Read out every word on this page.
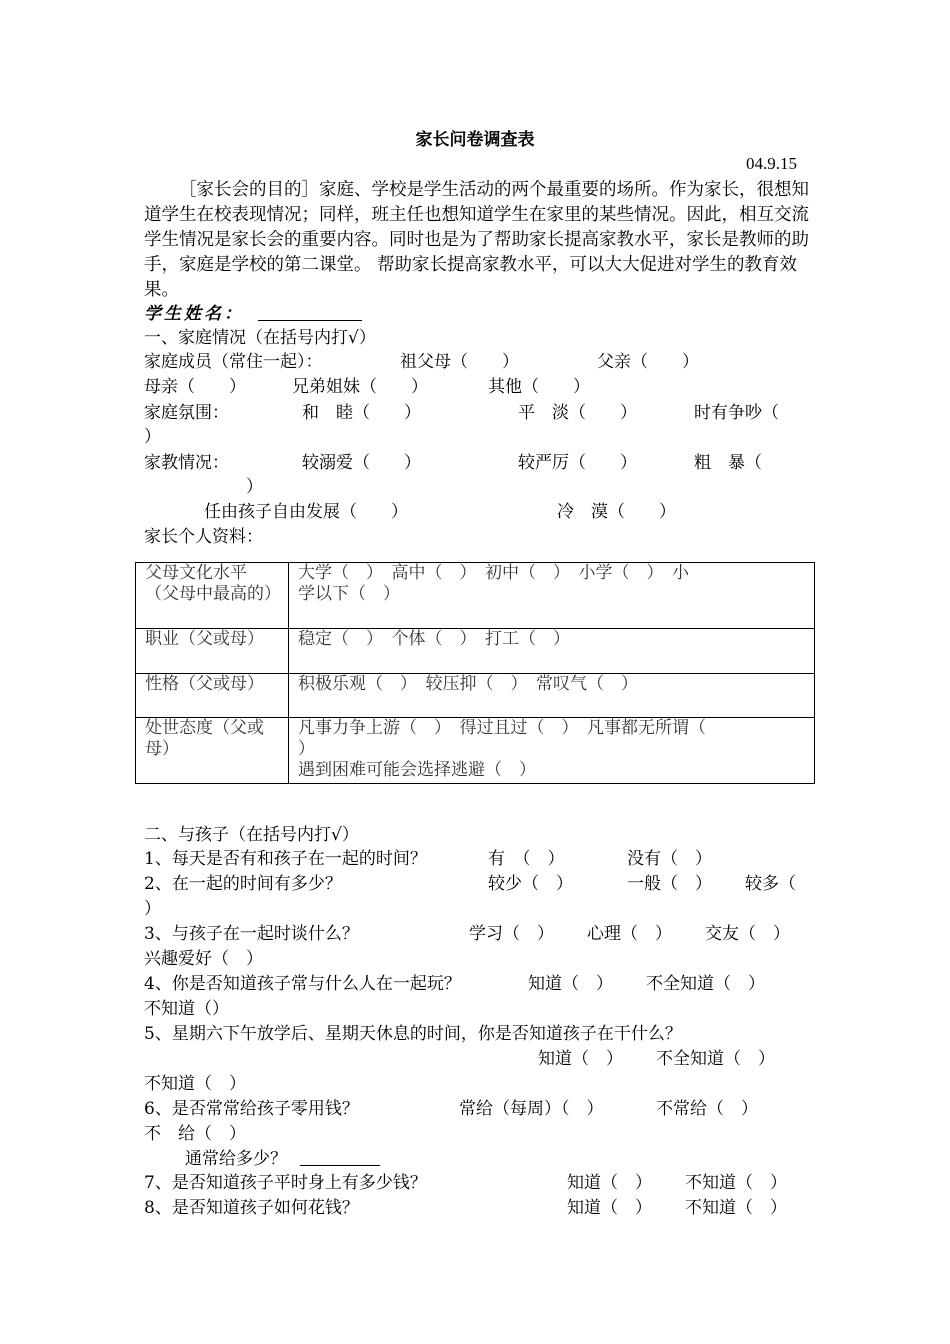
家长问卷调查表
04.9.15
［家长会的目的］家庭、学校是学生活动的两个最重要的场所。作为家长，很想知道学生在校表现情况；同样，班主任也想知道学生在家里的某些情况。因此，相互交流学生情况是家长会的重要内容。同时也是为了帮助家长提高家教水平，家长是教师的助手，家庭是学校的第二课堂。 帮助家长提高家教水平，可以大大促进对学生的教育效果。
学生姓名：
一、家庭情况（在括号内打√）
家庭成员（常住一起）：	祖父母（　　）	父亲（　　）
母亲（　　）	兄弟姐妹（　　）	其他（　　）
家庭氛围：	和　睦（　　）	平　淡（　　）	时有争吵（
）
家教情况：	较溺爱（　　）	较严厉（　　）	粗　暴（
）
任由孩子自由发展（　　）	冷　漠（　　）
家长个人资料：
父母文化水平（父母中最高的）	大学（　）　高中（　）　初中（　）　小学（　）　小
学以下（　）

职业（父或母）	稳定（　）　个体（　）　打工（　）

性格（父或母）	积极乐观（　）　较压抑（　）　常叹气（　）

处世态度（父或母）	凡事力争上游（　）　得过且过（　）　凡事都无所谓（
）
遇到困难可能会选择逃避（　）
二、与孩子（在括号内打√）
1、每天是否有和孩子在一起的时间？	有　（　）	没有（　）
2、在一起的时间有多少？	较少（　）	一般（　） 较多（
）
3、与孩子在一起时谈什么？	学习（　） 心理（　） 交友（　）
兴趣爱好（　）
4、你是否知道孩子常与什么人在一起玩？	知道（　） 不全知道（　）
不知道（）
5、星期六下午放学后、星期天休息的时间，你是否知道孩子在干什么？
知道（　） 不全知道（　）
不知道（　）
6、是否常常给孩子零用钱？	常给（每周）（　）	不常给（　）
不　给（　）
通常给多少？
7、是否知道孩子平时身上有多少钱？	知道（　） 不知道（　）
8、是否知道孩子如何花钱？	知道（　） 不知道（　）
